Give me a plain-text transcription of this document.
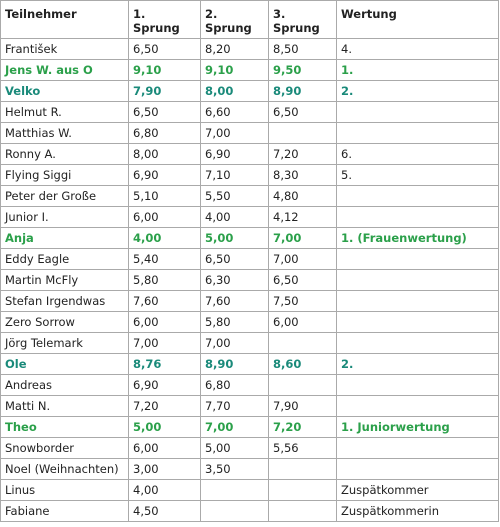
Teilnehmer	1. Sprung	2. Sprung	3. Sprung	Wertung
František	6,50	8,20	8,50	4.
Jens W. aus O	9,10	9,10	9,50	1.
Velko	7,90	8,00	8,90	2.
Helmut R.	6,50	6,60	6,50	
Matthias W.	6,80	7,00		
Ronny A.	8,00	6,90	7,20	6.
Flying Siggi	6,90	7,10	8,30	5.
Peter der Große	5,10	5,50	4,80	
Junior I.	6,00	4,00	4,12	
Anja	4,00	5,00	7,00	1. (Frauenwertung)
Eddy Eagle	5,40	6,50	7,00	
Martin McFly	5,80	6,30	6,50	
Stefan Irgendwas	7,60	7,60	7,50	
Zero Sorrow	6,00	5,80	6,00	
Jörg Telemark	7,00	7,00		
Ole	8,76	8,90	8,60	2.
Andreas	6,90	6,80		
Matti N.	7,20	7,70	7,90	
Theo	5,00	7,00	7,20	1. Juniorwertung
Snowborder	6,00	5,00	5,56	
Noel (Weihnachten)	3,00	3,50		
Linus	4,00			Zuspätkommer
Fabiane	4,50			Zuspätkommerin
